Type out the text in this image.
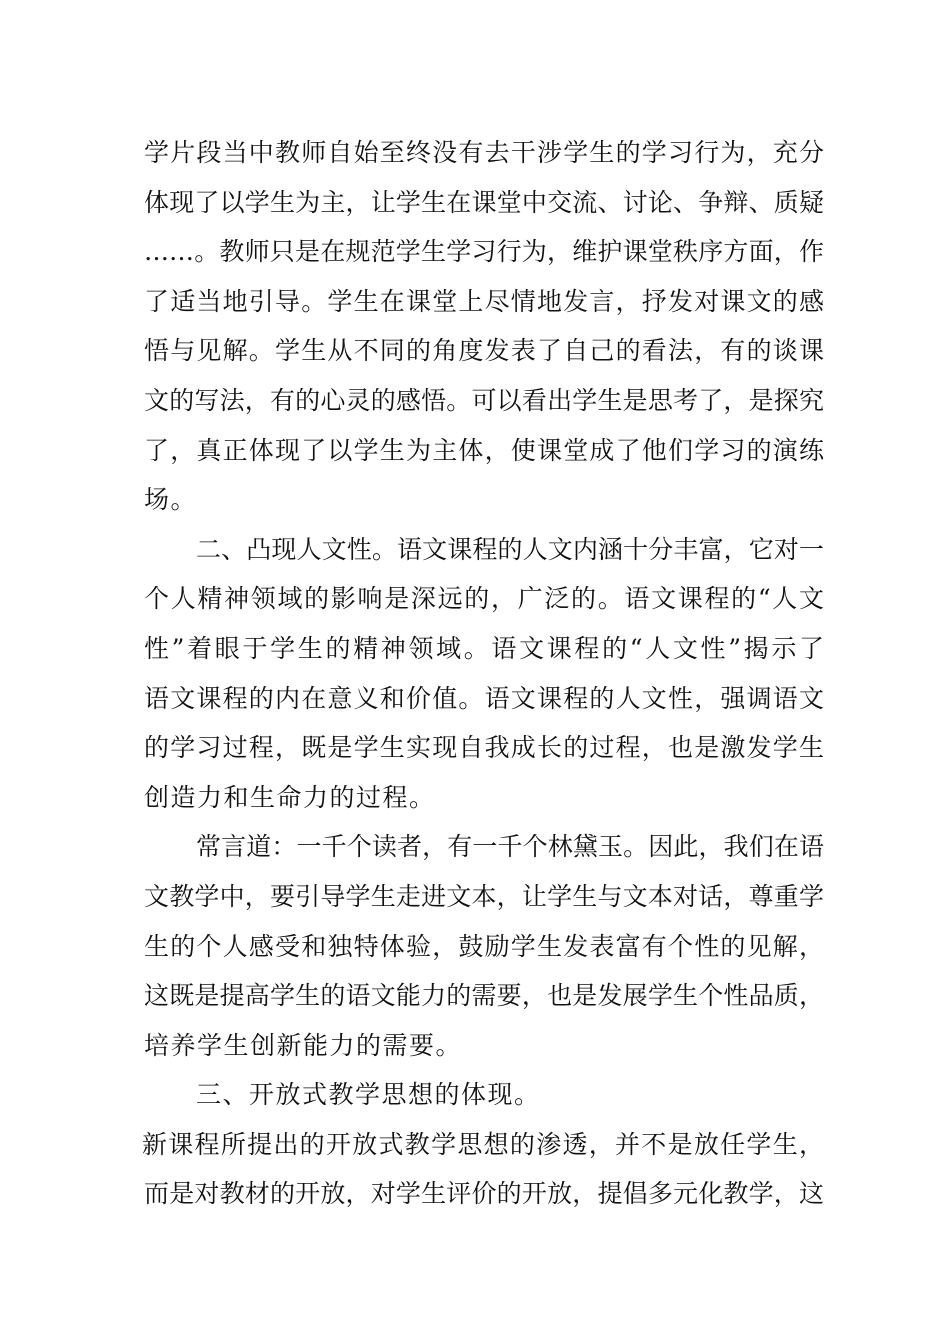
学片段当中教师自始至终没有去干涉学生的学习行为，充分
体现了以学生为主，让学生在课堂中交流、讨论、争辩、质疑
……。教师只是在规范学生学习行为，维护课堂秩序方面，作
了适当地引导。学生在课堂上尽情地发言，抒发对课文的感
悟与见解。学生从不同的角度发表了自己的看法，有的谈课
文的写法，有的心灵的感悟。可以看出学生是思考了，是探究
了，真正体现了以学生为主体，使课堂成了他们学习的演练
场。
二、凸现人文性。语文课程的人文内涵十分丰富，它对一
个人精神领域的影响是深远的，广泛的。语文课程的“人文
性”着眼于学生的精神领域。语文课程的“人文性”揭示了
语文课程的内在意义和价值。语文课程的人文性，强调语文
的学习过程，既是学生实现自我成长的过程，也是激发学生
创造力和生命力的过程。
常言道：一千个读者，有一千个林黛玉。因此，我们在语
文教学中，要引导学生走进文本，让学生与文本对话，尊重学
生的个人感受和独特体验，鼓励学生发表富有个性的见解，
这既是提高学生的语文能力的需要，也是发展学生个性品质，
培养学生创新能力的需要。
三、开放式教学思想的体现。
新课程所提出的开放式教学思想的渗透，并不是放任学生，
而是对教材的开放，对学生评价的开放，提倡多元化教学，这
